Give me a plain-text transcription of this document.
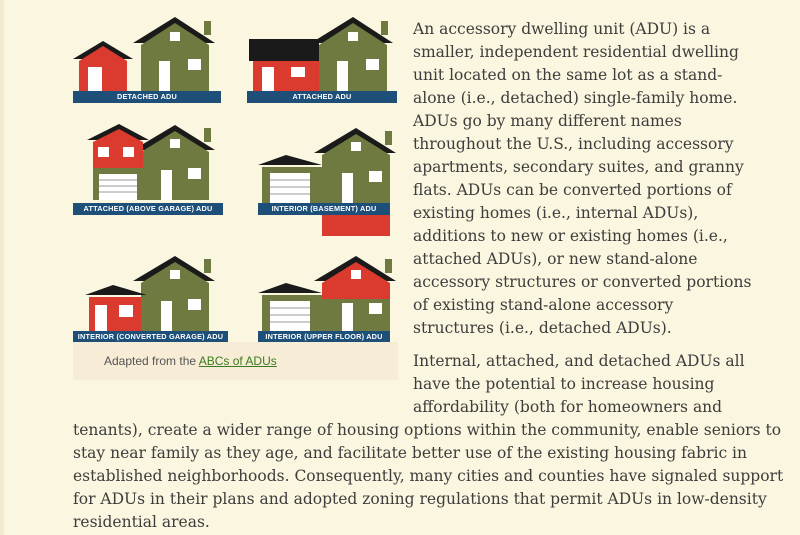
DETACHED ADU	ATTACHED ADU
ATTACHED (ABOVE GARAGE) ADU	INTERIOR (BASEMENT) ADU
INTERIOR (CONVERTED GARAGE) ADU	INTERIOR (UPPER FLOOR) ADU
Adapted from the ABCs of ADUs
An accessory dwelling unit (ADU) is a
smaller, independent residential dwelling
unit located on the same lot as a stand-
alone (i.e., detached) single-family home.
ADUs go by many different names
throughout the U.S., including accessory
apartments, secondary suites, and granny
flats. ADUs can be converted portions of
existing homes (i.e., internal ADUs),
additions to new or existing homes (i.e.,
attached ADUs), or new stand-alone
accessory structures or converted portions
of existing stand-alone accessory
structures (i.e., detached ADUs).
Internal, attached, and detached ADUs all
have the potential to increase housing
affordability (both for homeowners and
tenants), create a wider range of housing options within the community, enable seniors to
stay near family as they age, and facilitate better use of the existing housing fabric in
established neighborhoods. Consequently, many cities and counties have signaled support
for ADUs in their plans and adopted zoning regulations that permit ADUs in low-density
residential areas.
